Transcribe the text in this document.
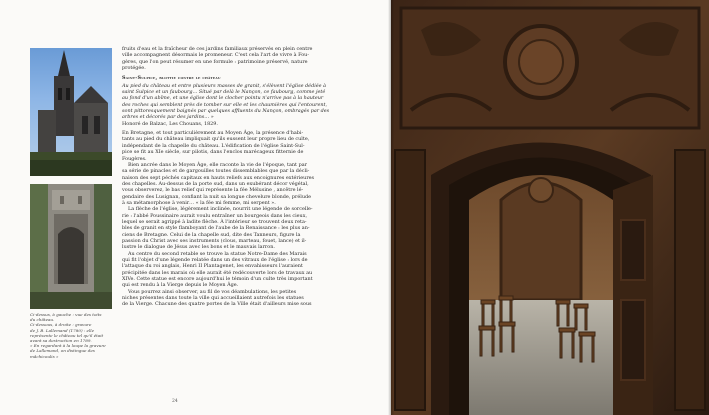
Ci-dessus, à gauche : vue des toits

du château.

Ci-dessous, à droite : gravure

de J. B. Lallemand (1780) : elle

représente le château tel qu'il était

avant sa destruction en 1789.

« En regardant à la loupe la gravure

de Lallemand, on distingue des

mâchicoulis »

fruits d'eau et la fraîcheur de ces jardins familiaux préservés en plein centre

ville accompagnent désormais le promeneur. C'est cela l'art de vivre à Fou-

gères, que l'on peut résumer en une formule : patrimoine préservé, nature

protégée.

Saint-Sulpice, blottie contre le château

Au pied du château et entre plusieurs masses de granit, s'élèvent l'église dédiée à

saint Sulpice et un faubourg… Situé par delà le Nançon, ce faubourg, comme jeté

au fond d'un abîme, et une église dont le clocher pointu n'arrive pas à la hauteur

des roches qui semblent près de tomber sur elle et les chaumières qui l'entourent,

sont pittoresquement baignés par quelques affluents du Nançon, ombragés par des

arbres et décorés par des jardins… »

Honoré de Balzac, Les Chouans, 1829.

En Bretagne, et tout particulièrement au Moyen Âge, la présence d'habi-

tants au pied du château impliquait qu'ils eussent leur propre lieu de culte,

indépendant de la chapelle du château. L'édification de l'église Saint-Sul-

pice se fit au XIe siècle, sur pilotis, dans l'enclos marécageux fitternie de

Fougères.

Bien ancrée dans le Moyen Âge, elle raconte la vie de l'époque, tant par

sa série de pinacles et de gargouilles toutes dissemblables que par la décli-

naison des sept péchés capitaux en hauts reliefs aux encoignures extérieures

des chapelles. Au-dessus de la porte sud, dans un exubérant décor végétal,

vous observerez, le bas relief qui représente la fée Mélusine , ancêtre lé-

gendaire des Lusignan, confiant la nuit sa longue chevelure blonde, prélude

à sa métamorphose à venir… « la fée mi femme, mi serpent ».

La flèche de l'église, légèrement inclinée, nourrit une légende de sorcelle-

rie : l'abbé Poussinaire aurait voulu entraîner un bourgeois dans les cieux,

lequel se serait agrippé à ladite flèche. À l'intérieur se trouvent deux reta-

bles de granit en style flamboyant de l'aube de la Renaissance : les plus an-

ciens de Bretagne. Celui de la chapelle sud, dite des Tanneurs, figure la

passion du Christ avec ses instruments (clous, marteau, fouet, lance) et il-

lustre le dialogue de Jésus avec les bons et le mauvais larron.

Au centre du second retable se trouve la statue Notre-Dame des Marais

qui fit l'objet d'une légende relatée dans un des vitraux de l'église : lors de

l'attaque du roi anglais, Henri II Plantagenet, les envahisseurs l'auraient

précipitée dans les marais où elle aurait été redécouverte lors de travaux au

XIVe. Cette statue est encore aujourd'hui le témoin d'un culte très important

qui est rendu à la Vierge depuis le Moyen Âge.

Vous pourrez ainsi observer, au fil de vos déambulations, les petites

niches présentes dans toute la ville qui accueillaient autrefois les statues

de la Vierge. Chacune des quatre portes de la Ville était d'ailleurs mise sous

24
